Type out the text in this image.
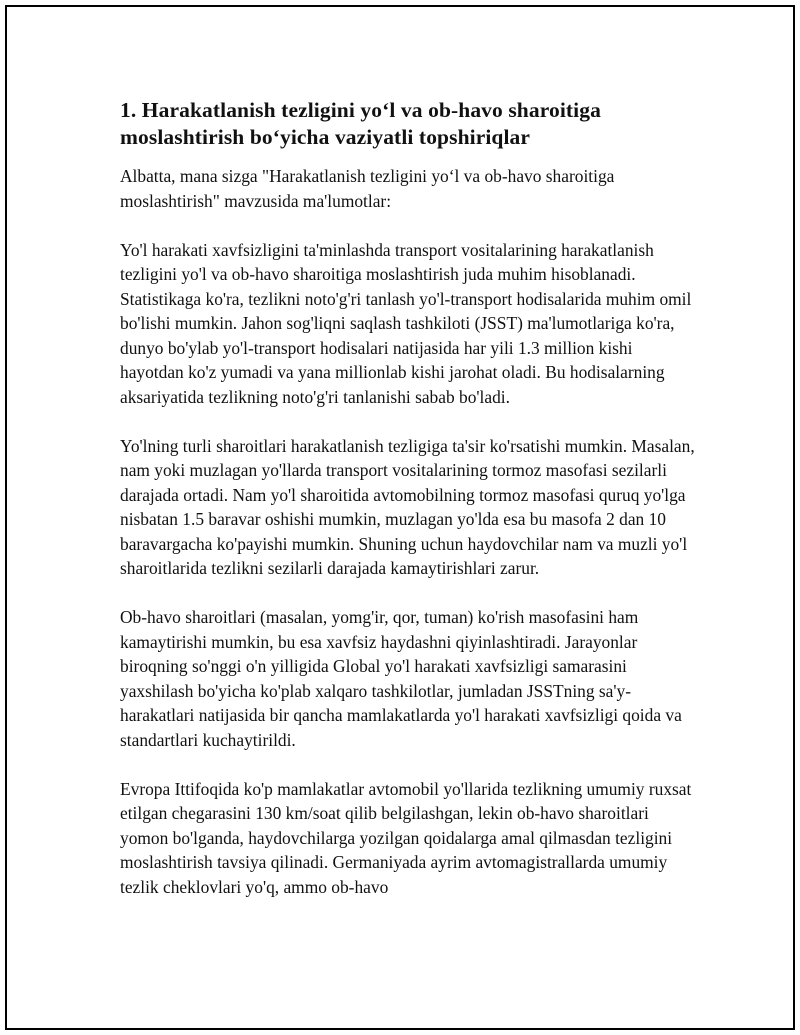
1. Harakatlanish tezligini yo‘l va ob-havo sharoitiga moslashtirish bo‘yicha vaziyatli topshiriqlar

Albatta, mana sizga "Harakatlanish tezligini yo‘l va ob-havo sharoitiga moslashtirish" mavzusida ma'lumotlar:

Yo'l harakati xavfsizligini ta'minlashda transport vositalarining harakatlanish tezligini yo'l va ob-havo sharoitiga moslashtirish juda muhim hisoblanadi. Statistikaga ko'ra, tezlikni noto'g'ri tanlash yo'l-transport hodisalarida muhim omil bo'lishi mumkin. Jahon sog'liqni saqlash tashkiloti (JSST) ma'lumotlariga ko'ra, dunyo bo'ylab yo'l-transport hodisalari natijasida har yili 1.3 million kishi hayotdan ko'z yumadi va yana millionlab kishi jarohat oladi. Bu hodisalarning aksariyatida tezlikning noto'g'ri tanlanishi sabab bo'ladi.

Yo'lning turli sharoitlari harakatlanish tezligiga ta'sir ko'rsatishi mumkin. Masalan, nam yoki muzlagan yo'llarda transport vositalarining tormoz masofasi sezilarli darajada ortadi. Nam yo'l sharoitida avtomobilning tormoz masofasi quruq yo'lga nisbatan 1.5 baravar oshishi mumkin, muzlagan yo'lda esa bu masofa 2 dan 10 baravargacha ko'payishi mumkin. Shuning uchun haydovchilar nam va muzli yo'l sharoitlarida tezlikni sezilarli darajada kamaytirishlari zarur.

Ob-havo sharoitlari (masalan, yomg'ir, qor, tuman) ko'rish masofasini ham kamaytirishi mumkin, bu esa xavfsiz haydashni qiyinlashtiradi. Jarayonlar biroqning so'nggi o'n yilligida Global yo'l harakati xavfsizligi samarasini yaxshilash bo'yicha ko'plab xalqaro tashkilotlar, jumladan JSSTning sa'y-harakatlari natijasida bir qancha mamlakatlarda yo'l harakati xavfsizligi qoida va standartlari kuchaytirildi.

Evropa Ittifoqida ko'p mamlakatlar avtomobil yo'llarida tezlikning umumiy ruxsat etilgan chegarasini 130 km/soat qilib belgilashgan, lekin ob-havo sharoitlari yomon bo'lganda, haydovchilarga yozilgan qoidalarga amal qilmasdan tezligini moslashtirish tavsiya qilinadi. Germaniyada ayrim avtomagistrallarda umumiy tezlik cheklovlari yo'q, ammo ob-havo
